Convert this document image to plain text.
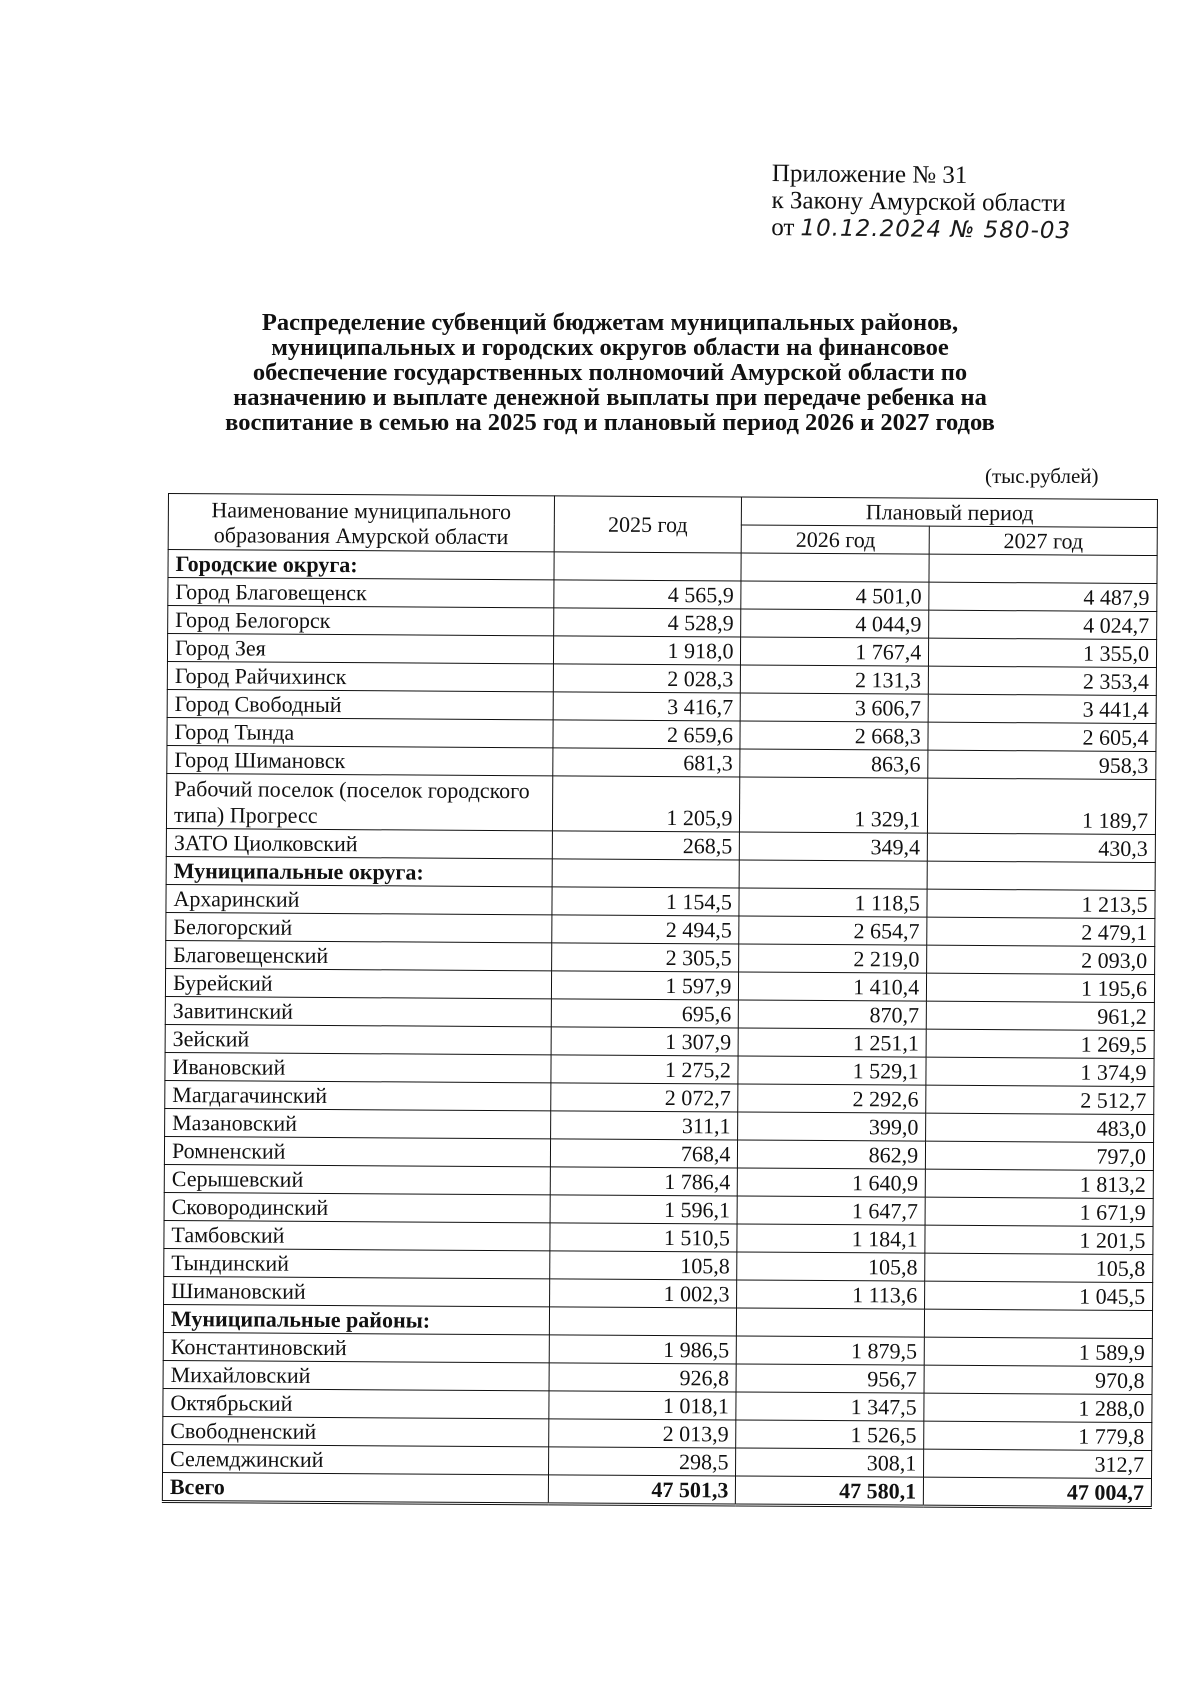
Приложение № 31
к Закону Амурской области
от 10.12.2024 № 580-03
Распределение субвенций бюджетам муниципальных районов,
муниципальных и городских округов области на финансовое
обеспечение государственных полномочий Амурской области по
назначению и выплате денежной выплаты при передаче ребенка на
воспитание в семью на 2025 год и плановый период 2026 и 2027 годов
(тыс.рублей)
Наименование муниципального образования Амурской области	2025 год	Плановый период	
		2026 год	2027 год
Городские округа:			
Город Благовещенск	4 565,9	4 501,0	4 487,9
Город Белогорск	4 528,9	4 044,9	4 024,7
Город Зея	1 918,0	1 767,4	1 355,0
Город Райчихинск	2 028,3	2 131,3	2 353,4
Город Свободный	3 416,7	3 606,7	3 441,4
Город Тында	2 659,6	2 668,3	2 605,4
Город Шимановск	681,3	863,6	958,3
Рабочий поселок (поселок городского типа) Прогресс	1 205,9	1 329,1	1 189,7
ЗАТО Циолковский	268,5	349,4	430,3
Муниципальные округа:			
Архаринский	1 154,5	1 118,5	1 213,5
Белогорский	2 494,5	2 654,7	2 479,1
Благовещенский	2 305,5	2 219,0	2 093,0
Бурейский	1 597,9	1 410,4	1 195,6
Завитинский	695,6	870,7	961,2
Зейский	1 307,9	1 251,1	1 269,5
Ивановский	1 275,2	1 529,1	1 374,9
Магдагачинский	2 072,7	2 292,6	2 512,7
Мазановский	311,1	399,0	483,0
Ромненский	768,4	862,9	797,0
Серышевский	1 786,4	1 640,9	1 813,2
Сковородинский	1 596,1	1 647,7	1 671,9
Тамбовский	1 510,5	1 184,1	1 201,5
Тындинский	105,8	105,8	105,8
Шимановский	1 002,3	1 113,6	1 045,5
Муниципальные районы:			
Константиновский	1 986,5	1 879,5	1 589,9
Михайловский	926,8	956,7	970,8
Октябрьский	1 018,1	1 347,5	1 288,0
Свободненский	2 013,9	1 526,5	1 779,8
Селемджинский	298,5	308,1	312,7
Всего	47 501,3	47 580,1	47 004,7
